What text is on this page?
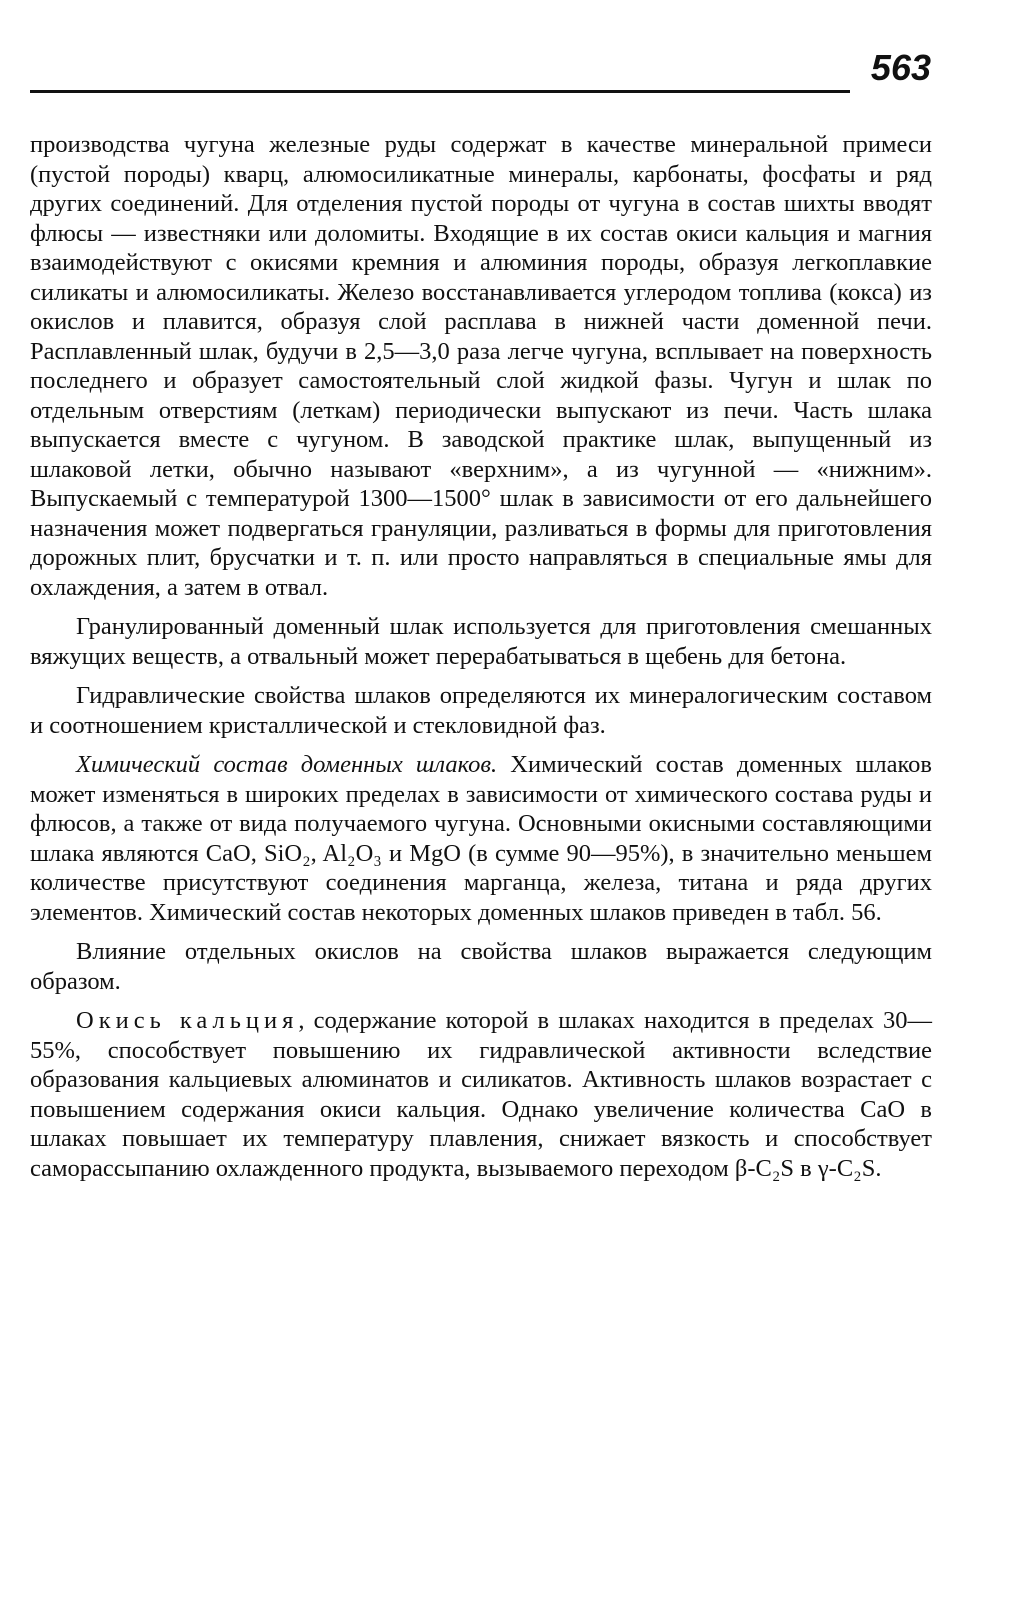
563

производства чугуна железные руды содержат в качестве минеральной примеси (пустой породы) кварц, алюмосиликатные минералы, карбонаты, фосфаты и ряд других соединений. Для отделения пустой породы от чугуна в состав шихты вводят флюсы — известняки или доломиты. Входящие в их состав окиси кальция и магния взаимодействуют с окисями кремния и алюминия породы, образуя легкоплавкие силикаты и алюмосиликаты. Железо восстанавливается углеродом топлива (кокса) из окислов и плавится, образуя слой расплава в нижней части доменной печи. Расплавленный шлак, будучи в 2,5—3,0 раза легче чугуна, всплывает на поверхность последнего и образует самостоятельный слой жидкой фазы. Чугун и шлак по отдельным отверстиям (леткам) периодически выпускают из печи. Часть шлака выпускается вместе с чугуном. В заводской практике шлак, выпущенный из шлаковой летки, обычно называют «верхним», а из чугунной — «нижним». Выпускаемый с температурой 1300—1500° шлак в зависимости от его дальнейшего назначения может подвергаться грануляции, разливаться в формы для приготовления дорожных плит, брусчатки и т. п. или просто направляться в специальные ямы для охлаждения, а затем в отвал.

Гранулированный доменный шлак используется для приготовления смешанных вяжущих веществ, а отвальный может перерабатываться в щебень для бетона.

Гидравлические свойства шлаков определяются их минералогическим составом и соотношением кристаллической и стекловидной фаз.

Химический состав доменных шлаков. Химический состав доменных шлаков может изменяться в широких пределах в зависимости от химического состава руды и флюсов, а также от вида получаемого чугуна. Основными окисными составляющими шлака являются CaO, SiO₂, Al₂O₃ и MgO (в сумме 90—95%), в значительно меньшем количестве присутствуют соединения марганца, железа, титана и ряда других элементов. Химический состав некоторых доменных шлаков приведен в табл. 56.

Влияние отдельных окислов на свойства шлаков выражается следующим образом.

Окись кальция, содержание которой в шлаках находится в пределах 30—55%, способствует повышению их гидравлической активности вследствие образования кальциевых алюминатов и силикатов. Активность шлаков возрастает с повышением содержания окиси кальция. Однако увеличение количества CaO в шлаках повышает их температуру плавления, снижает вязкость и способствует саморассыпанию охлажденного продукта, вызываемого переходом β-C₂S в γ-C₂S.
